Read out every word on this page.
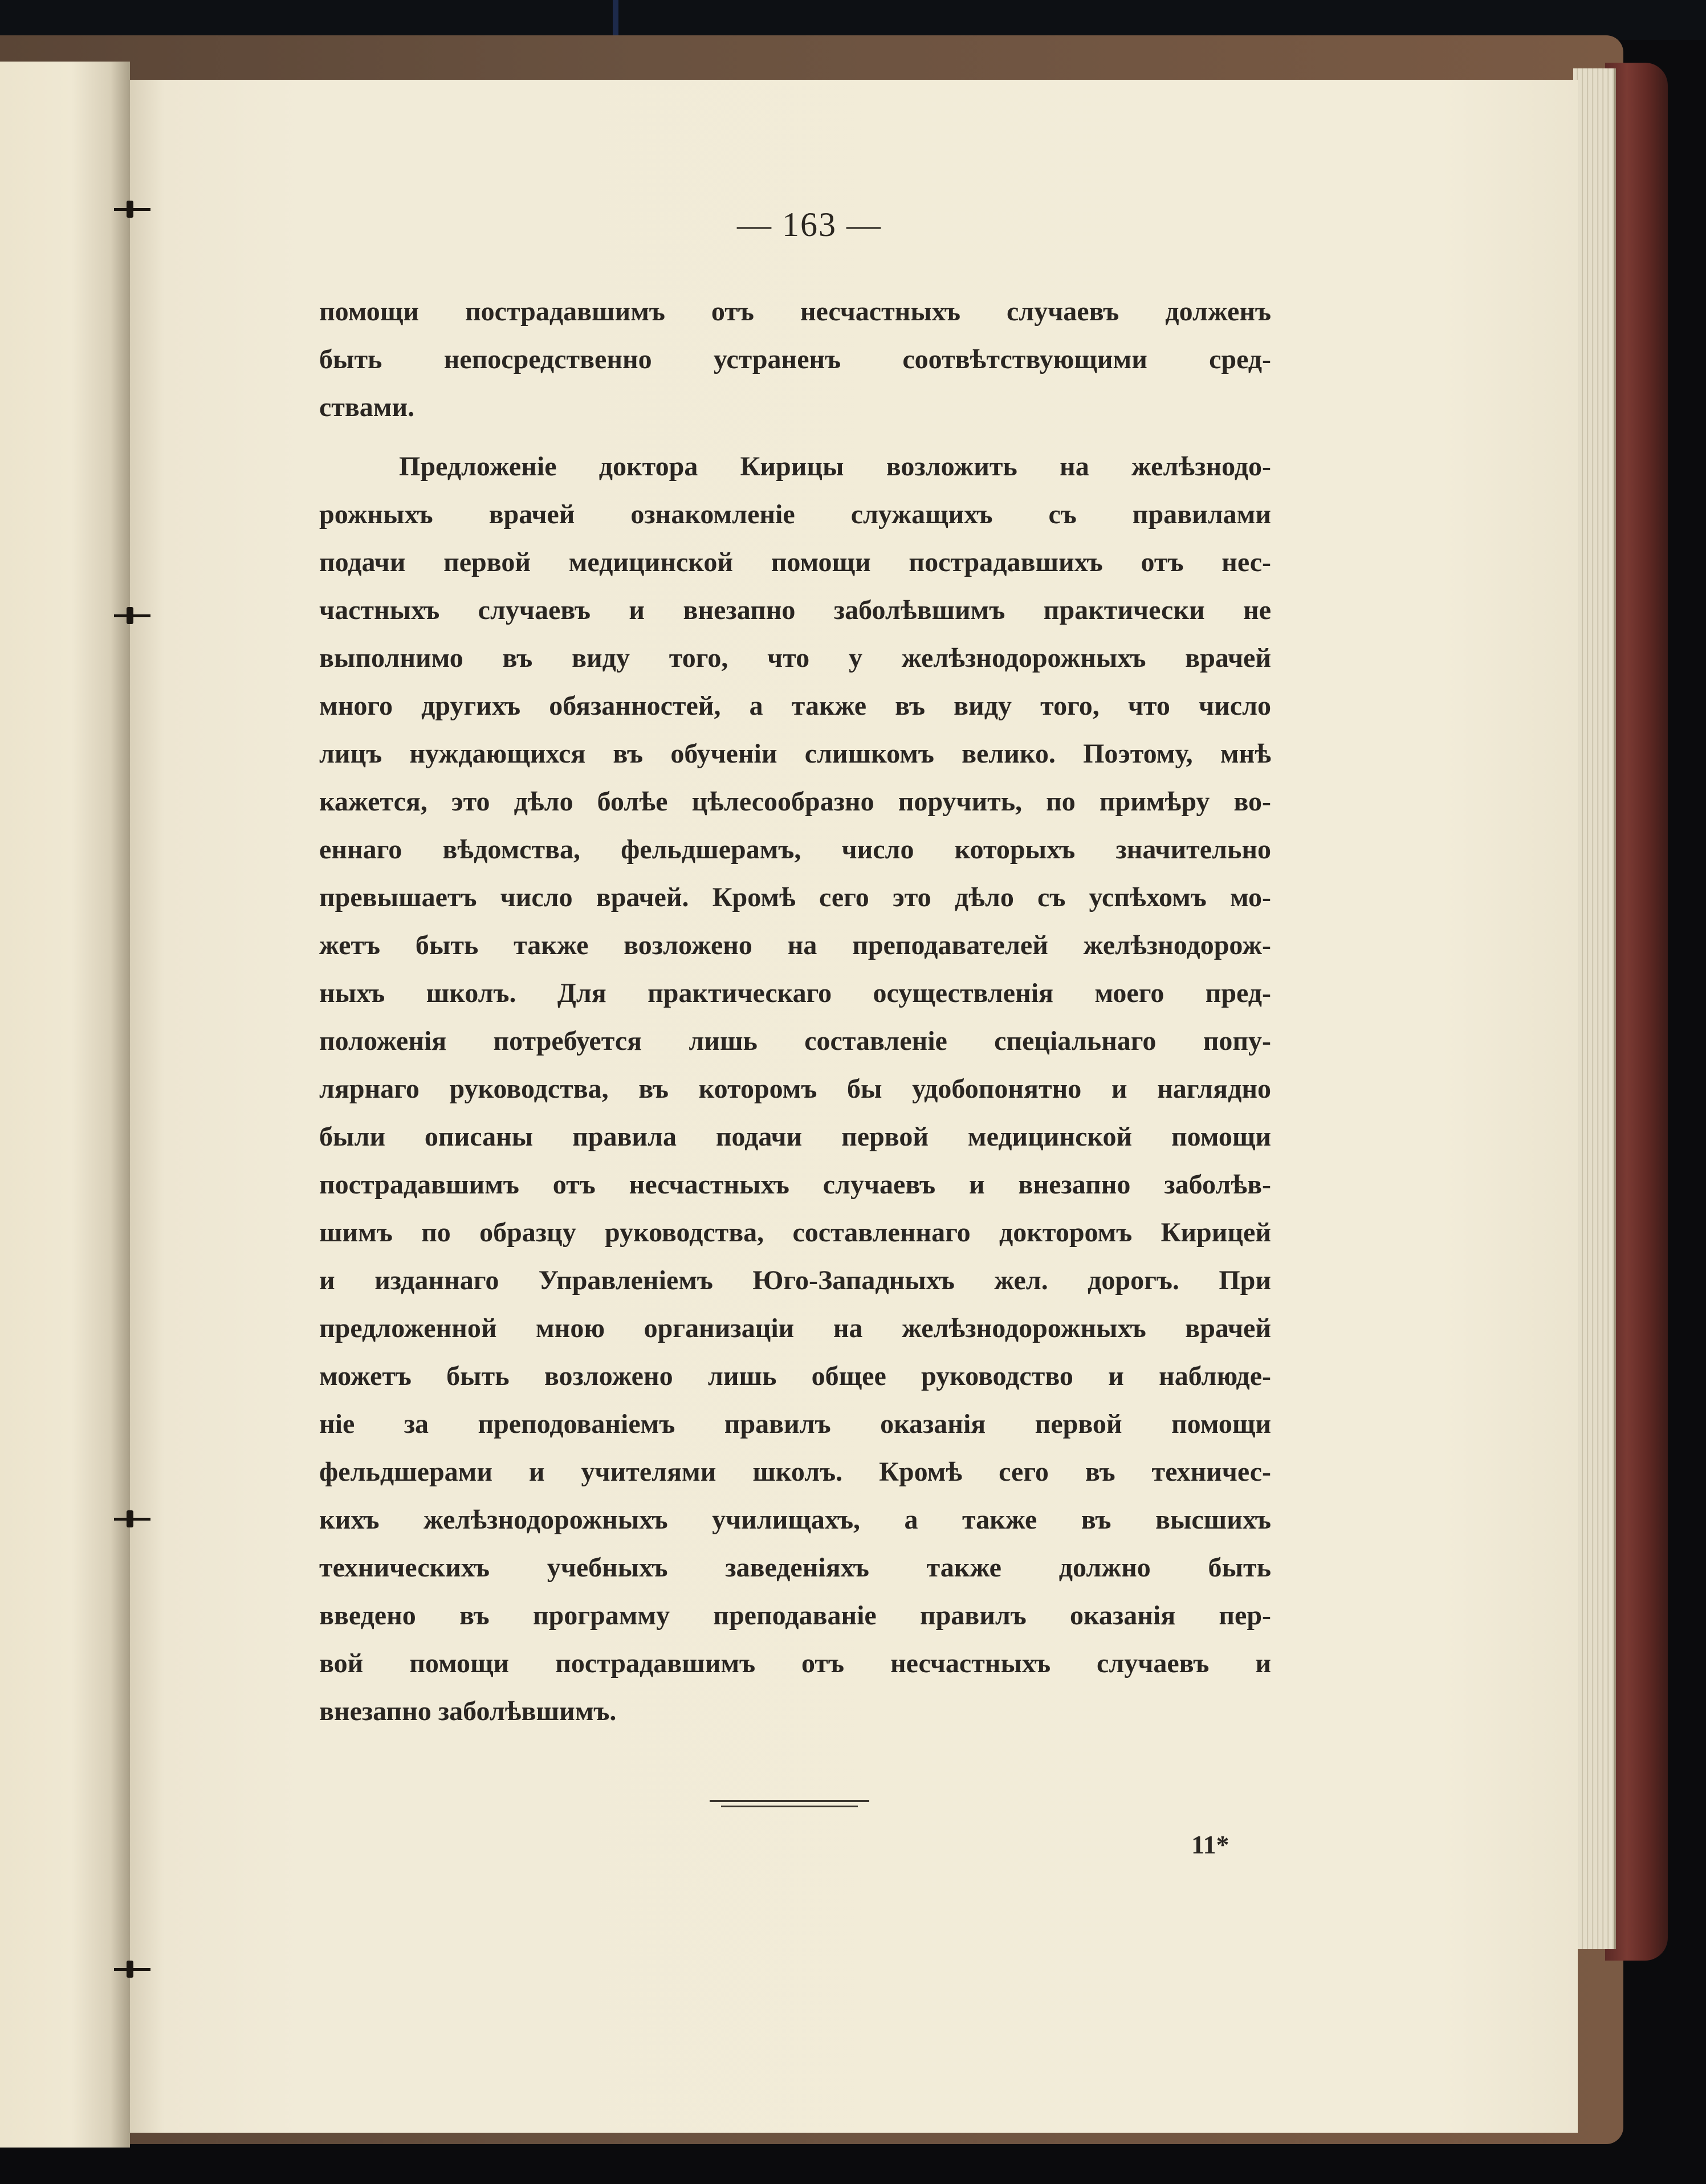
— 163 —
помощи пострадавшимъ отъ несчастныхъ случаевъ долженъ
быть непосредственно устраненъ соотвѣтствующими сред-
ствами.
Предложенiе доктора Кирицы возложить на желѣзнодо-
рожныхъ врачей ознакомленiе служащихъ съ правилами
подачи первой медицинской помощи пострадавшихъ отъ нес-
частныхъ случаевъ и внезапно заболѣвшимъ практически не
выполнимо въ виду того, что у желѣзнодорожныхъ врачей
много другихъ обязанностей, а также въ виду того, что число
лицъ нуждающихся въ обученiи слишкомъ велико. Поэтому, мнѣ
кажется, это дѣло болѣе цѣлесообразно поручить, по примѣру во-
еннаго вѣдомства, фельдшерамъ, число которыхъ значительно
превышаетъ число врачей. Кромѣ сего это дѣло съ успѣхомъ мо-
жетъ быть также возложено на преподавателей желѣзнодорож-
ныхъ школъ. Для практическаго осуществленiя моего пред-
положенiя потребуется лишь составленiе спецiальнаго попу-
лярнаго руководства, въ которомъ бы удобопонятно и наглядно
были описаны правила подачи первой медицинской помощи
пострадавшимъ отъ несчастныхъ случаевъ и внезапно заболѣв-
шимъ по образцу руководства, составленнаго докторомъ Кирицей
и изданнаго Управленiемъ Юго-Западныхъ жел. дорогъ. При
предложенной мною организацiи на желѣзнодорожныхъ врачей
можетъ быть возложено лишь общее руководство и наблюде-
нiе за преподованiемъ правилъ оказанiя первой помощи
фельдшерами и учителями школъ. Кромѣ сего въ техничес-
кихъ желѣзнодорожныхъ училищахъ, а также въ высшихъ
техническихъ учебныхъ заведенiяхъ также должно быть
введено въ программу преподаванiе правилъ оказанiя пер-
вой помощи пострадавшимъ отъ несчастныхъ случаевъ и
внезапно заболѣвшимъ.
11*
